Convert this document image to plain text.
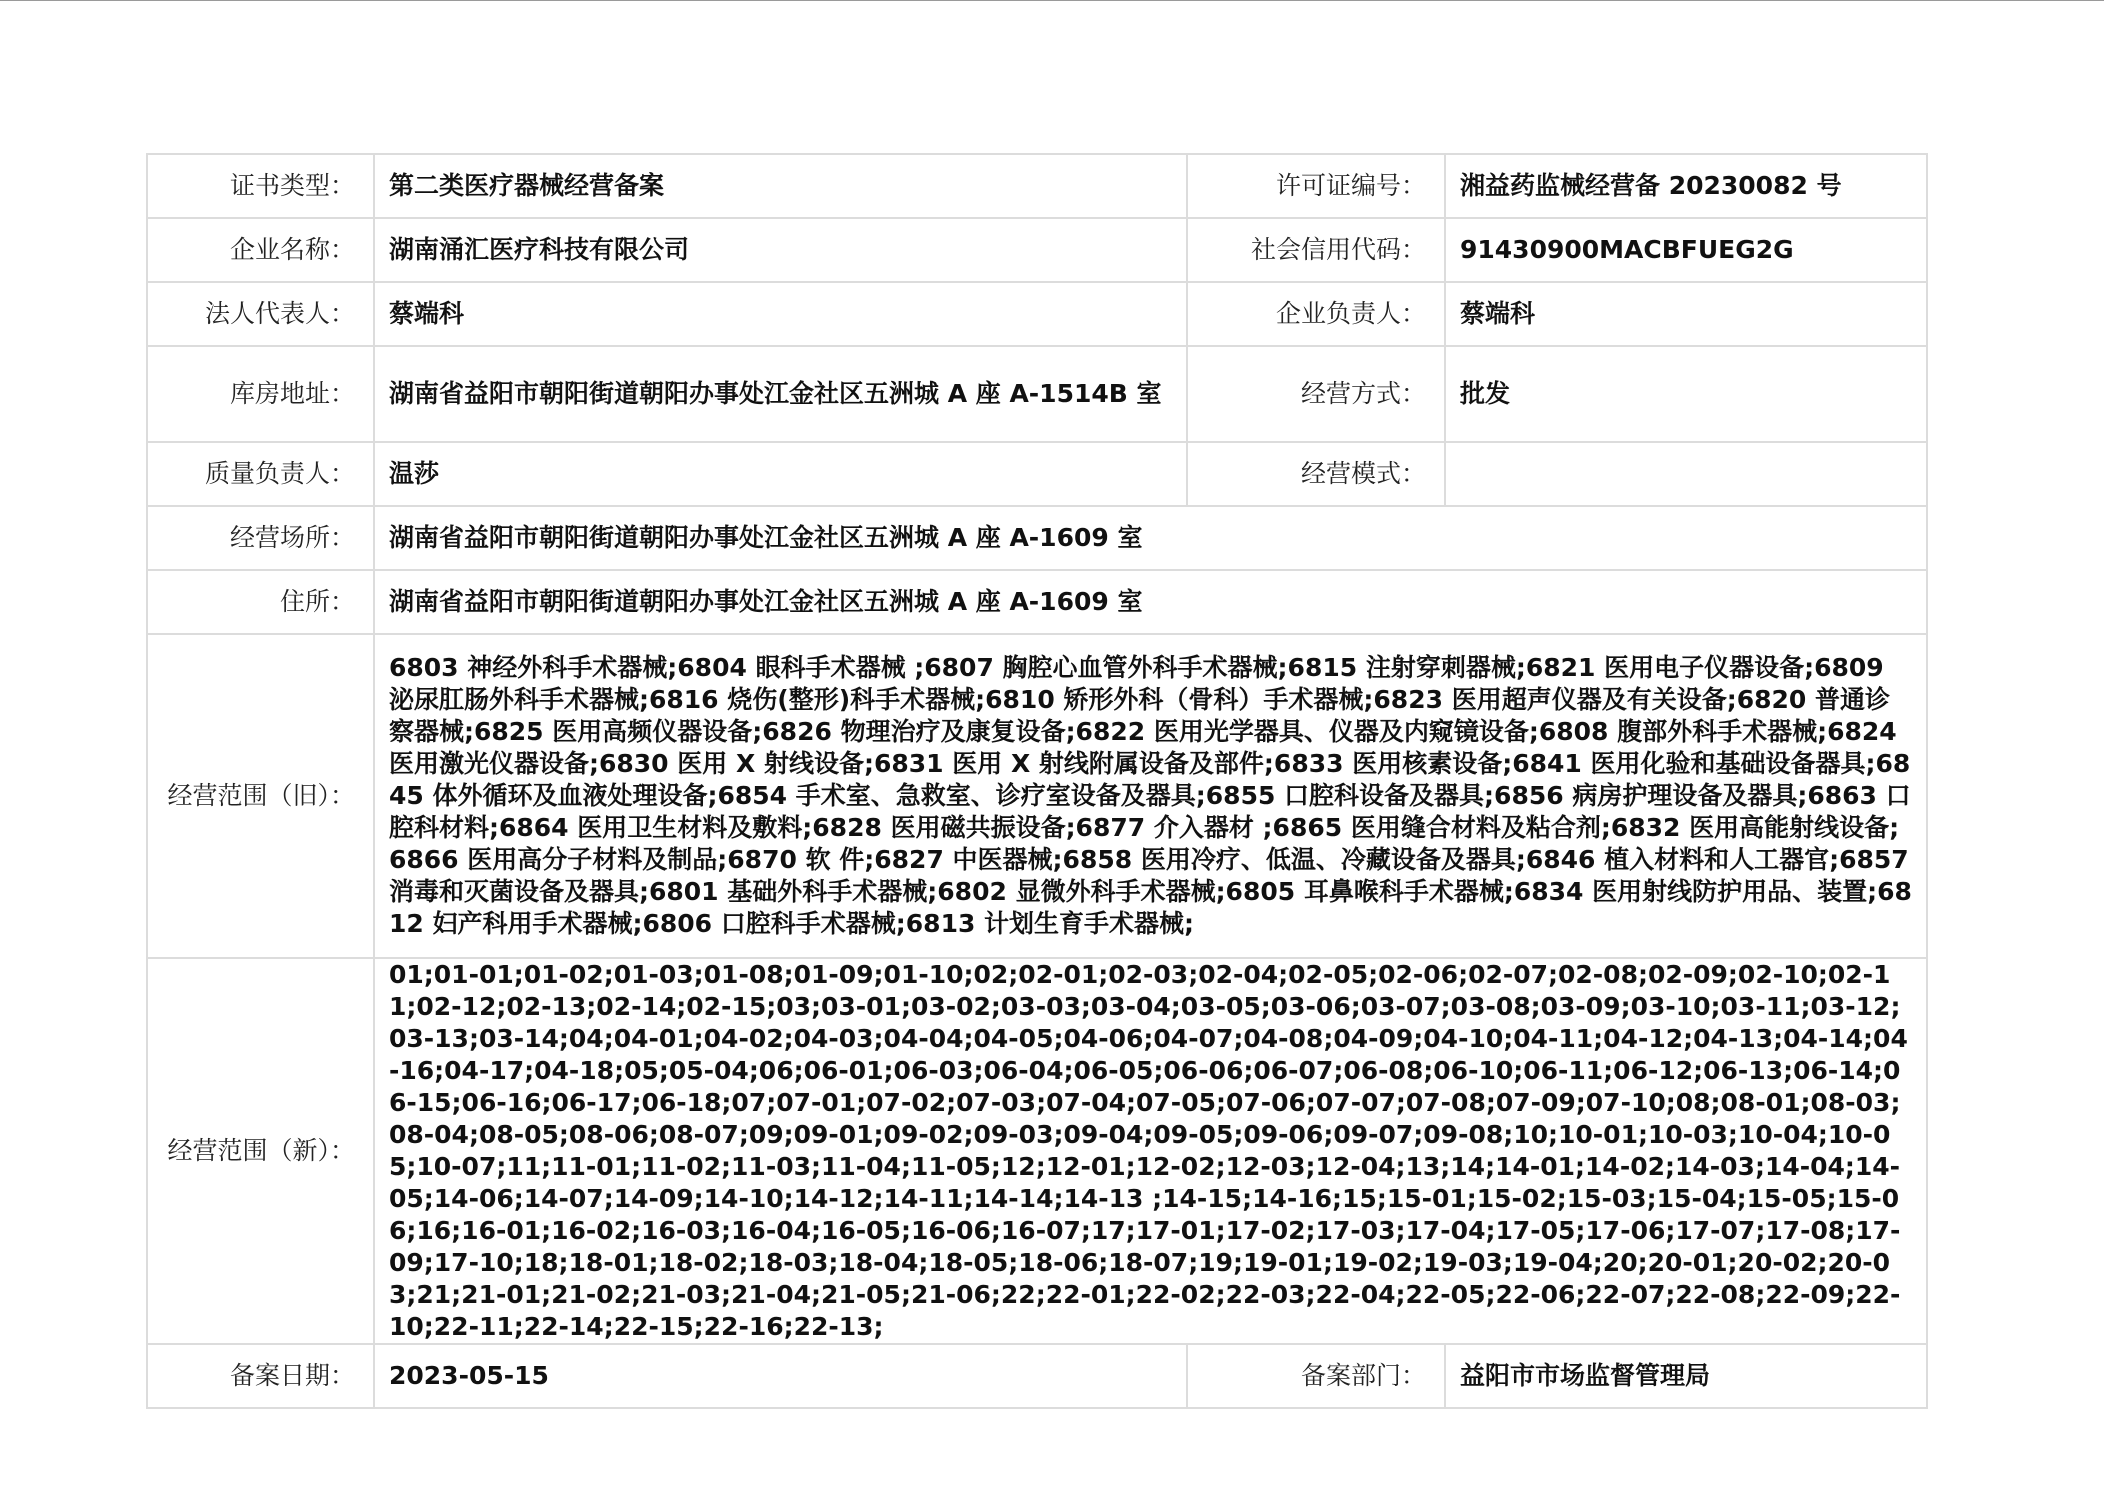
证书类型：	第二类医疗器械经营备案	许可证编号：	湘益药监械经营备 20230082 号
企业名称：	湖南涌汇医疗科技有限公司	社会信用代码：	91430900MACBFUEG2G
法人代表人：	蔡端科	企业负责人：	蔡端科
库房地址：	湖南省益阳市朝阳街道朝阳办事处江金社区五洲城 A 座 A-1514B 室	经营方式：	批发
质量负责人：	温莎	经营模式：	
经营场所：	湖南省益阳市朝阳街道朝阳办事处江金社区五洲城 A 座 A-1609 室		
住所：	湖南省益阳市朝阳街道朝阳办事处江金社区五洲城 A 座 A-1609 室		
经营范围（旧）：	6803 神经外科手术器械;6804 眼科手术器械 ;6807 胸腔心血管外科手术器械;6815 注射穿刺器械;6821 医用电子仪器设备;6809 泌尿肛肠外科手术器械;6816 烧伤(整形)科手术器械;6810 矫形外科（骨科）手术器械;6823 医用超声仪器及有关设备;6820 普通诊察器械;6825 医用高频仪器设备;6826 物理治疗及康复设备;6822 医用光学器具、仪器及内窥镜设备;6808 腹部外科手术器械;6824 医用激光仪器设备;6830 医用 X 射线设备;6831 医用 X 射线附属设备及部件;6833 医用核素设备;6841 医用化验和基础设备器具;6845 体外循环及血液处理设备;6854 手术室、急救室、诊疗室设备及器具;6855 口腔科设备及器具;6856 病房护理设备及器具;6863 口腔科材料;6864 医用卫生材料及敷料;6828 医用磁共振设备;6877 介入器材 ;6865 医用缝合材料及粘合剂;6832 医用高能射线设备;6866 医用高分子材料及制品;6870 软 件;6827 中医器械;6858 医用冷疗、低温、冷藏设备及器具;6846 植入材料和人工器官;6857 消毒和灭菌设备及器具;6801 基础外科手术器械;6802 显微外科手术器械;6805 耳鼻喉科手术器械;6834 医用射线防护用品、装置;6812 妇产科用手术器械;6806 口腔科手术器械;6813 计划生育手术器械;		
经营范围（新）：	01;01-01;01-02;01-03;01-08;01-09;01-10;02;02-01;02-03;02-04;02-05;02-06;02-07;02-08;02-09;02-10;02-11;02-12;02-13;02-14;02-15;03;03-01;03-02;03-03;03-04;03-05;03-06;03-07;03-08;03-09;03-10;03-11;03-12;03-13;03-14;04;04-01;04-02;04-03;04-04;04-05;04-06;04-07;04-08;04-09;04-10;04-11;04-12;04-13;04-14;04-16;04-17;04-18;05;05-04;06;06-01;06-03;06-04;06-05;06-06;06-07;06-08;06-10;06-11;06-12;06-13;06-14;06-15;06-16;06-17;06-18;07;07-01;07-02;07-03;07-04;07-05;07-06;07-07;07-08;07-09;07-10;08;08-01;08-03;08-04;08-05;08-06;08-07;09;09-01;09-02;09-03;09-04;09-05;09-06;09-07;09-08;10;10-01;10-03;10-04;10-05;10-07;11;11-01;11-02;11-03;11-04;11-05;12;12-01;12-02;12-03;12-04;13;14;14-01;14-02;14-03;14-04;14-05;14-06;14-07;14-09;14-10;14-12;14-11;14-14;14-13 ;14-15;14-16;15;15-01;15-02;15-03;15-04;15-05;15-06;16;16-01;16-02;16-03;16-04;16-05;16-06;16-07;17;17-01;17-02;17-03;17-04;17-05;17-06;17-07;17-08;17-09;17-10;18;18-01;18-02;18-03;18-04;18-05;18-06;18-07;19;19-01;19-02;19-03;19-04;20;20-01;20-02;20-03;21;21-01;21-02;21-03;21-04;21-05;21-06;22;22-01;22-02;22-03;22-04;22-05;22-06;22-07;22-08;22-09;22-10;22-11;22-14;22-15;22-16;22-13;		
备案日期：	2023-05-15	备案部门：	益阳市市场监督管理局
